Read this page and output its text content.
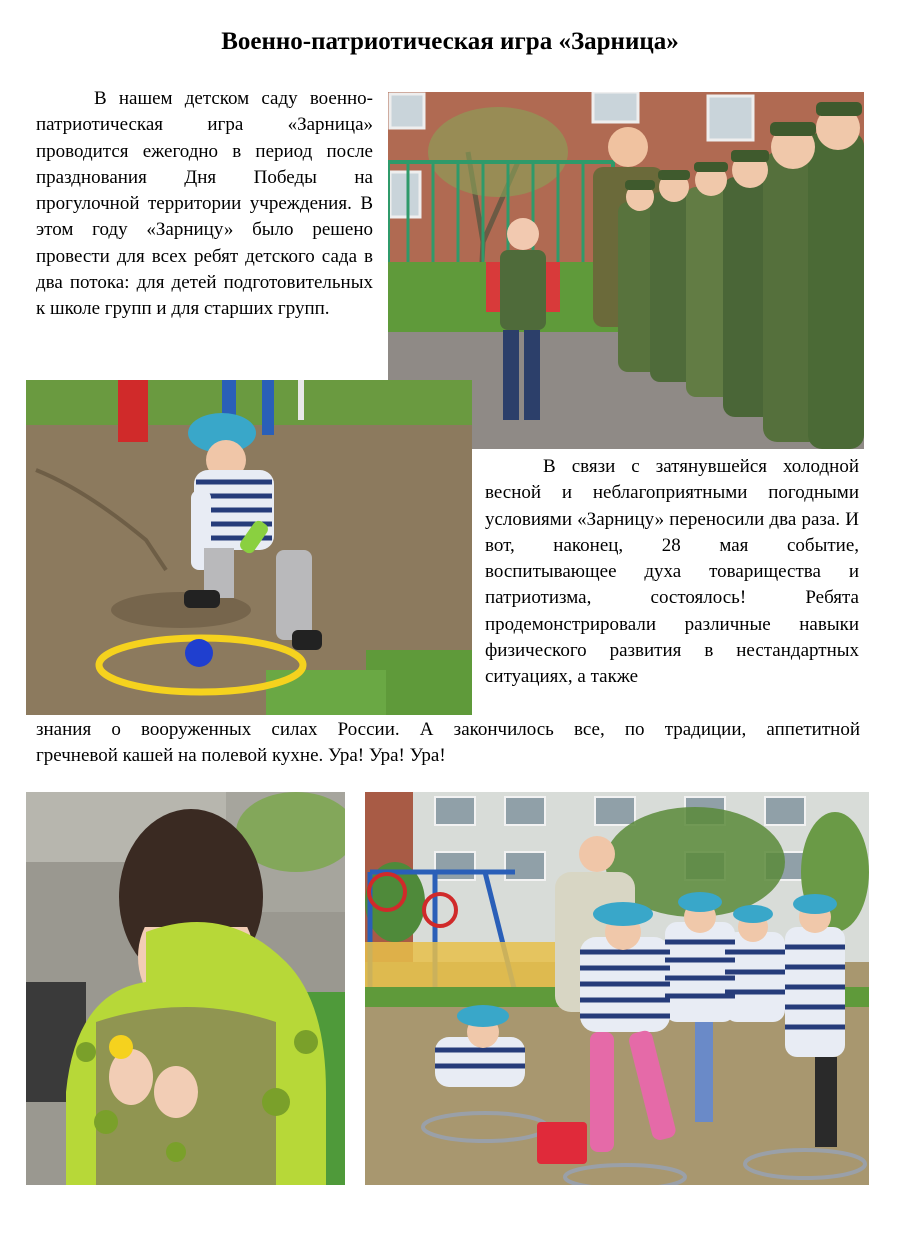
Военно-патриотическая игра «Зарница»

В нашем детском саду военно-патриотическая игра «Зарница» проводится ежегодно в период после празднования Дня Победы на прогулочной территории учреждения. В этом году «Зарницу» было решено провести для всех ребят детского сада в два потока: для детей подготовительных к школе групп и для старших групп.

В связи с затянувшейся холодной весной и неблагоприятными погодными условиями «Зарницу» переносили два раза. И вот, наконец, 28 мая событие, воспитывающее духа товарищества и патриотизма, состоялось! Ребята продемонстрировали различные навыки физического развития в нестандартных ситуациях, а также

знания о вооруженных силах России. А закончилось все, по традиции, аппетитной
гречневой кашей на полевой кухне. Ура! Ура! Ура!
